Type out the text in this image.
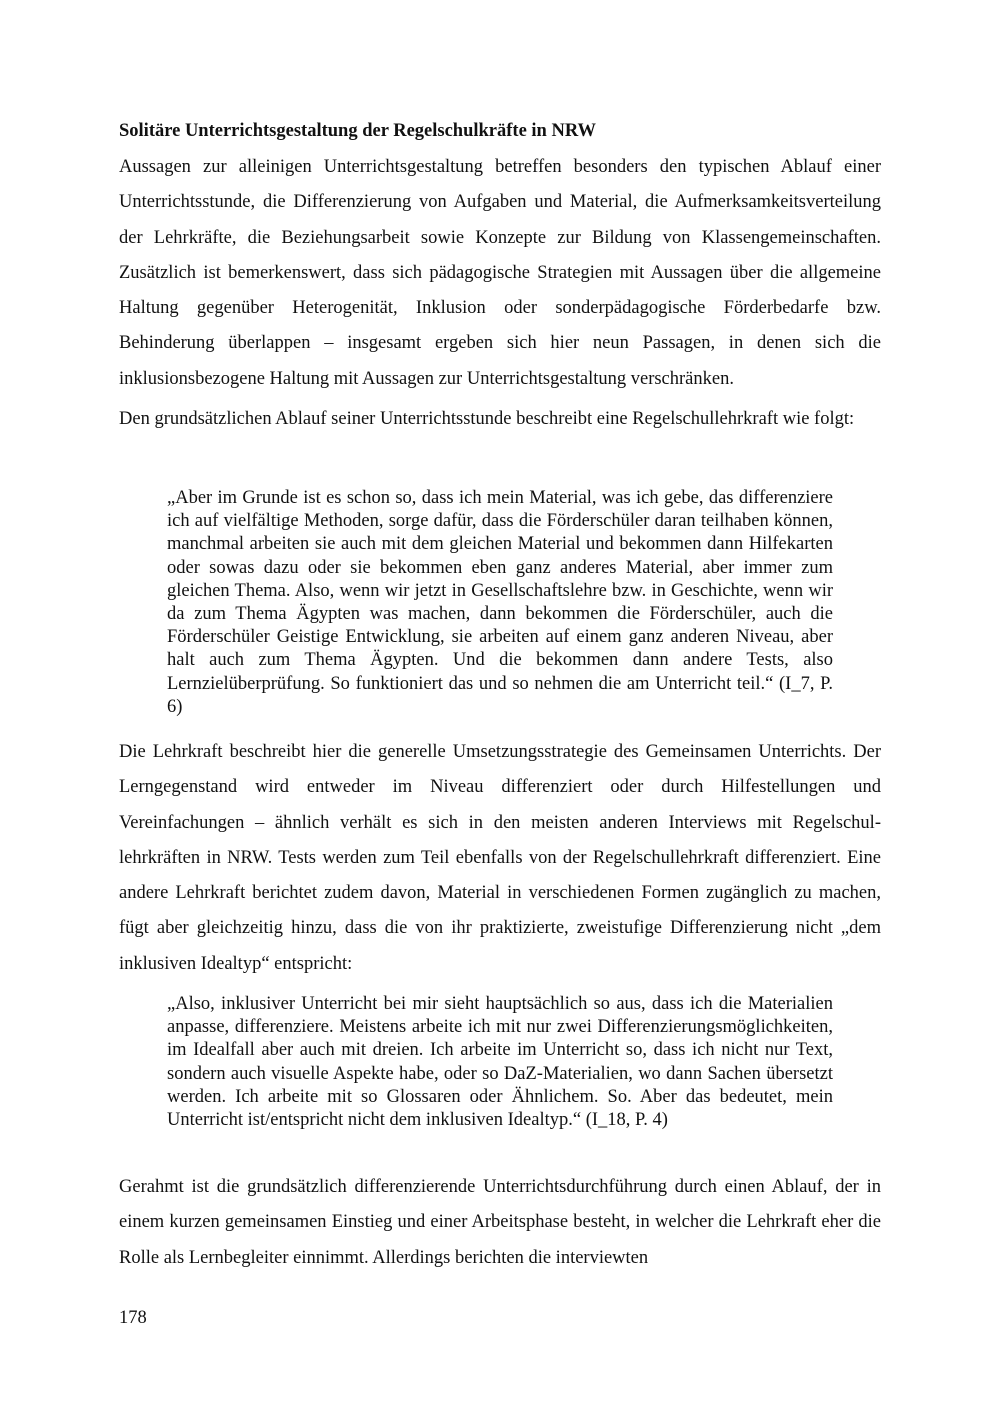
Solitäre Unterrichtsgestaltung der Regelschulkräfte in NRW

Aussagen zur alleinigen Unterrichtsgestaltung betreffen besonders den typischen Ablauf einer Unterrichtsstunde, die Differenzierung von Aufgaben und Material, die Aufmerksamkeitsverteilung der Lehrkräfte, die Beziehungsarbeit sowie Konzepte zur Bildung von Klassengemeinschaften. Zusätzlich ist bemerkenswert, dass sich pädagogische Strategien mit Aussagen über die allgemeine Haltung gegenüber Heterogenität, Inklusion oder sonderpädagogische Förderbedarfe bzw. Behinderung überlappen – insgesamt ergeben sich hier neun Passagen, in denen sich die inklusionsbezogene Haltung mit Aussagen zur Unterrichtsgestaltung verschränken.

Den grundsätzlichen Ablauf seiner Unterrichtsstunde beschreibt eine Regelschullehrkraft wie folgt:

„Aber im Grunde ist es schon so, dass ich mein Material, was ich gebe, das differenziere ich auf vielfältige Methoden, sorge dafür, dass die Förderschüler daran teilhaben können, manchmal arbeiten sie auch mit dem gleichen Material und bekommen dann Hilfekarten oder sowas dazu oder sie bekommen eben ganz anderes Material, aber immer zum gleichen Thema. Also, wenn wir jetzt in Gesellschaftslehre bzw. in Geschichte, wenn wir da zum Thema Ägypten was machen, dann bekommen die Förderschüler, auch die Förderschüler Geistige Entwicklung, sie arbeiten auf einem ganz anderen Niveau, aber halt auch zum Thema Ägypten. Und die bekommen dann andere Tests, also Lernzielüberprüfung. So funktioniert das und so nehmen die am Unterricht teil.“ (I_7, P. 6)

Die Lehrkraft beschreibt hier die generelle Umsetzungsstrategie des Gemeinsamen Unterrichts. Der Lerngegenstand wird entweder im Niveau differenziert oder durch Hilfestellungen und Vereinfachungen – ähnlich verhält es sich in den meisten anderen Interviews mit Regelschullehrkräften in NRW. Tests werden zum Teil ebenfalls von der Regelschullehrkraft differenziert. Eine andere Lehrkraft berichtet zudem davon, Material in verschiedenen Formen zugänglich zu machen, fügt aber gleichzeitig hinzu, dass die von ihr praktizierte, zweistufige Differenzierung nicht „dem inklusiven Idealtyp“ entspricht:

„Also, inklusiver Unterricht bei mir sieht hauptsächlich so aus, dass ich die Materialien anpasse, differenziere. Meistens arbeite ich mit nur zwei Differenzierungsmöglichkeiten, im Idealfall aber auch mit dreien. Ich arbeite im Unterricht so, dass ich nicht nur Text, sondern auch visuelle Aspekte habe, oder so DaZ-Materialien, wo dann Sachen übersetzt werden. Ich arbeite mit so Glossaren oder Ähnlichem. So. Aber das bedeutet, mein Unterricht ist/entspricht nicht dem inklusiven Idealtyp.“ (I_18, P. 4)

Gerahmt ist die grundsätzlich differenzierende Unterrichtsdurchführung durch einen Ablauf, der in einem kurzen gemeinsamen Einstieg und einer Arbeitsphase besteht, in welcher die Lehrkraft eher die Rolle als Lernbegleiter einnimmt. Allerdings berichten die interviewten

178
